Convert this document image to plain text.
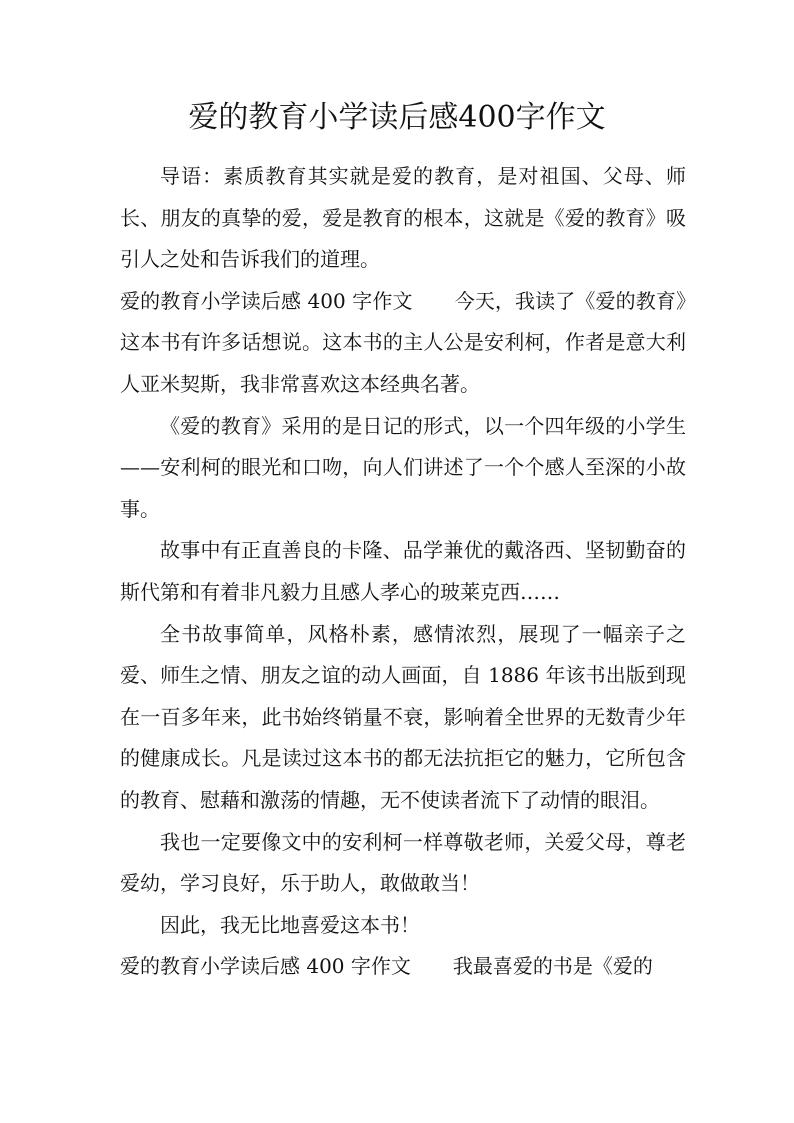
爱的教育小学读后感400字作文

导语：素质教育其实就是爱的教育，是对祖国、父母、师长、朋友的真挚的爱，爱是教育的根本，这就是《爱的教育》吸引人之处和告诉我们的道理。

爱的教育小学读后感 400 字作文 今天，我读了《爱的教育》这本书有许多话想说。这本书的主人公是安利柯，作者是意大利人亚米契斯，我非常喜欢这本经典名著。

《爱的教育》采用的是日记的形式，以一个四年级的小学生——安利柯的眼光和口吻，向人们讲述了一个个感人至深的小故事。

故事中有正直善良的卡隆、品学兼优的戴洛西、坚韧勤奋的斯代第和有着非凡毅力且感人孝心的玻莱克西……

全书故事简单，风格朴素，感情浓烈，展现了一幅亲子之爱、师生之情、朋友之谊的动人画面，自 1886 年该书出版到现在一百多年来，此书始终销量不衰，影响着全世界的无数青少年的健康成长。凡是读过这本书的都无法抗拒它的魅力，它所包含的教育、慰藉和激荡的情趣，无不使读者流下了动情的眼泪。

我也一定要像文中的安利柯一样尊敬老师，关爱父母，尊老爱幼，学习良好，乐于助人，敢做敢当！

因此，我无比地喜爱这本书！

爱的教育小学读后感 400 字作文 我最喜爱的书是《爱的
